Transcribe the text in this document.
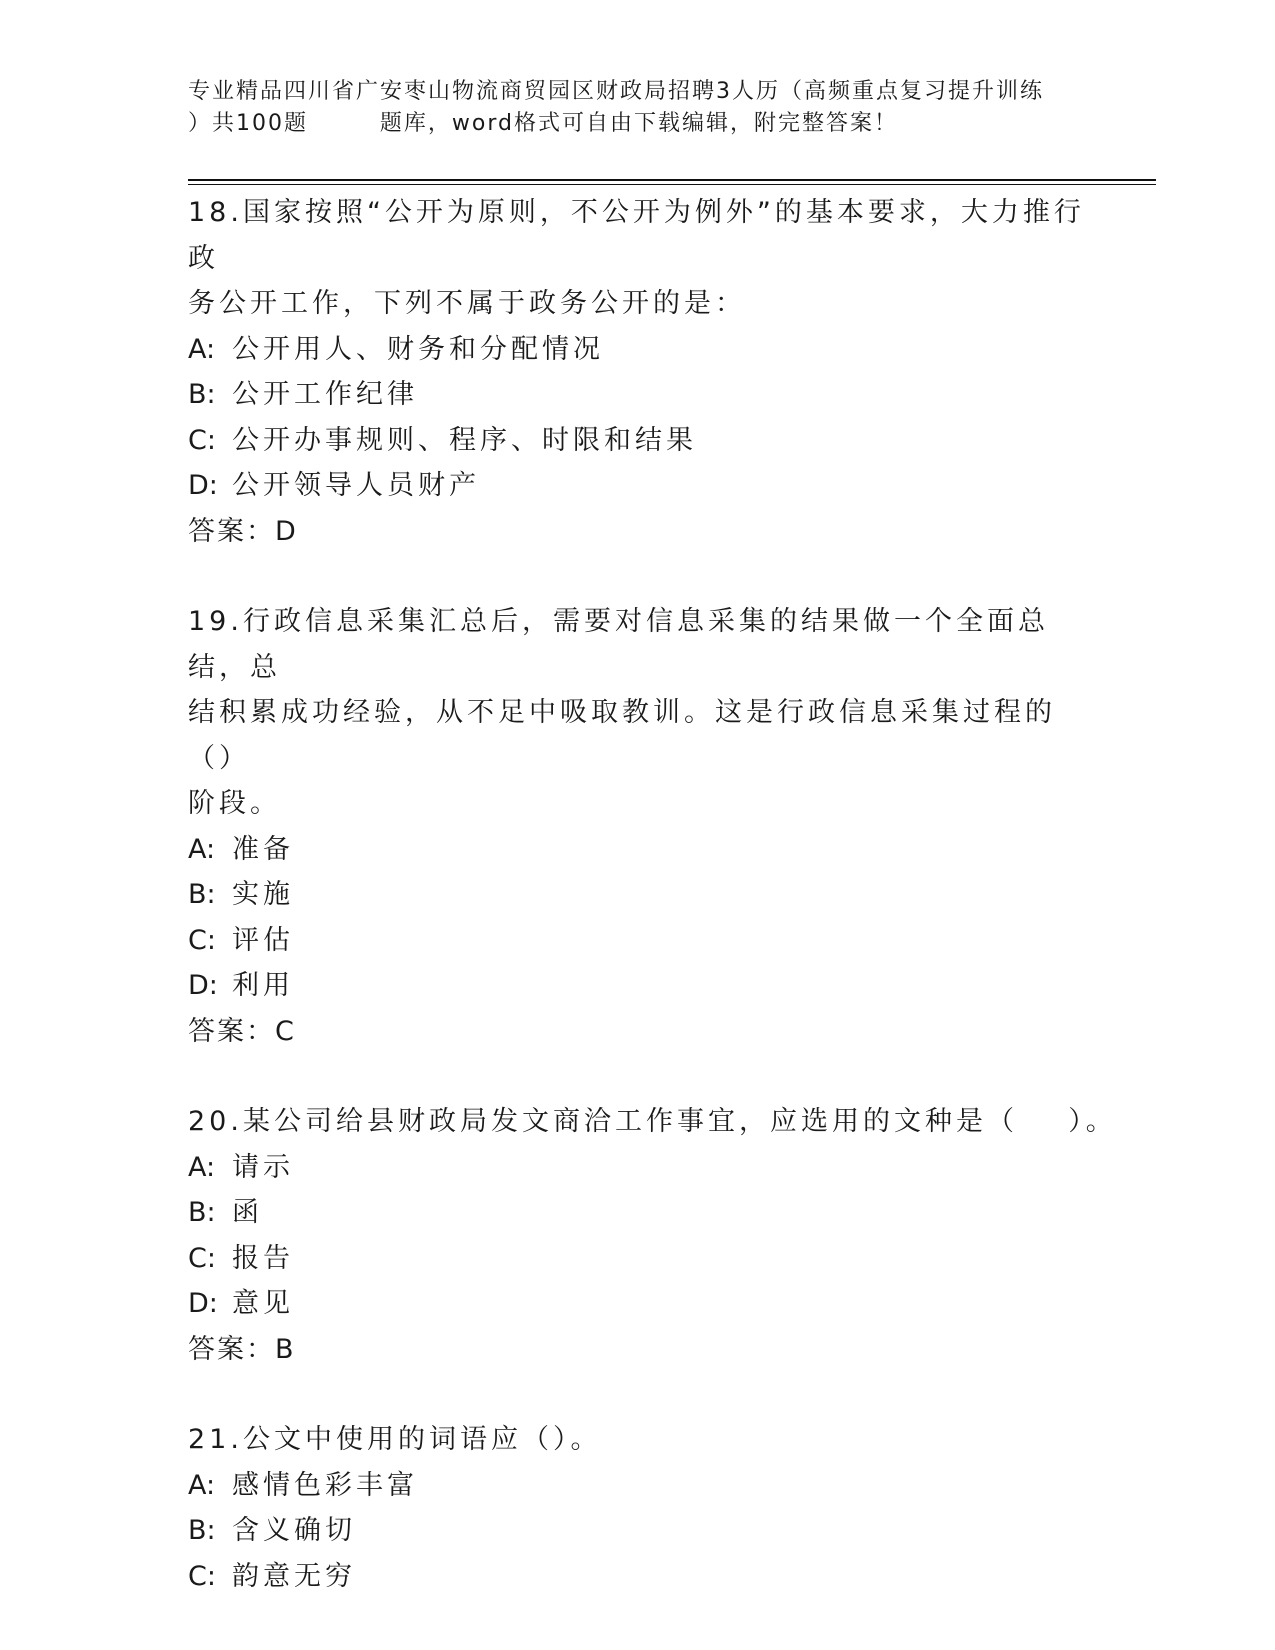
专业精品四川省广安枣山物流商贸园区财政局招聘3人历（高频重点复习提升训练
）共100题        题库，word格式可自由下载编辑，附完整答案！

18.国家按照“公开为原则，不公开为例外”的基本要求，大力推行政

务公开工作，下列不属于政务公开的是：

A: 公开用人、财务和分配情况

B: 公开工作纪律

C: 公开办事规则、程序、时限和结果

D: 公开领导人员财产

答案：D

19.行政信息采集汇总后，需要对信息采集的结果做一个全面总结，总

结积累成功经验，从不足中吸取教训。这是行政信息采集过程的（）

阶段。

A: 准备

B: 实施

C: 评估

D: 利用

答案：C

20.某公司给县财政局发文商洽工作事宜，应选用的文种是（    ）。

A: 请示

B: 函

C: 报告

D: 意见

答案：B

21.公文中使用的词语应（）。

A: 感情色彩丰富

B: 含义确切

C: 韵意无穷
